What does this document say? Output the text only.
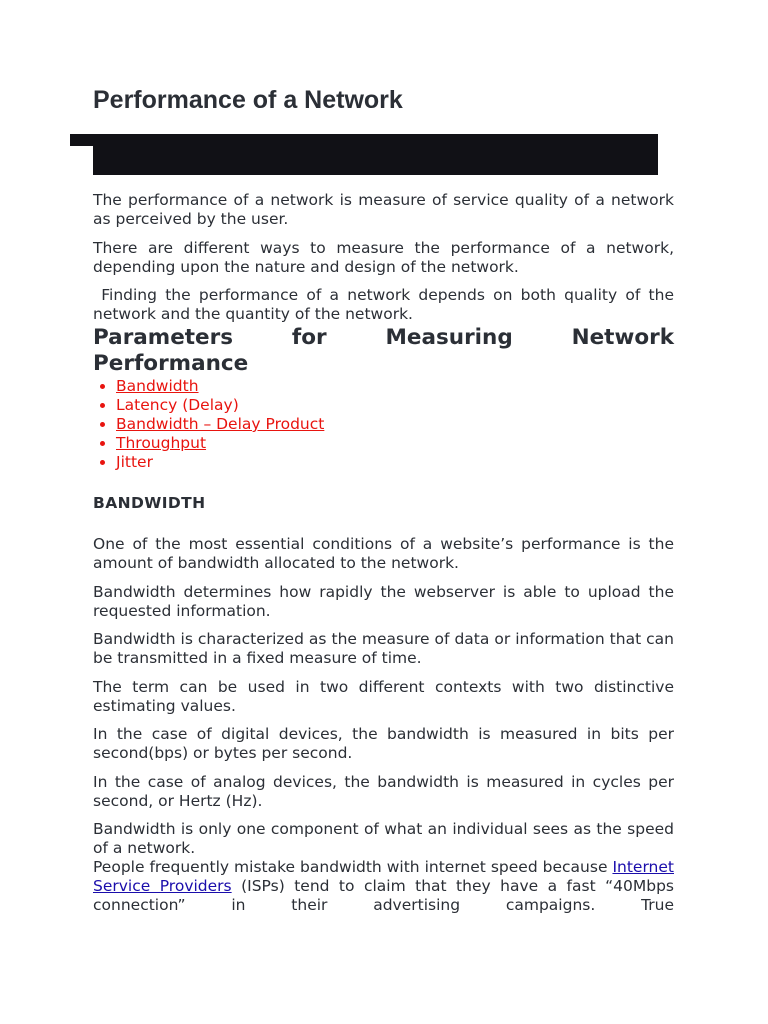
Performance of a Network

The performance of a network is measure of service quality of a network as perceived by the user.

There are different ways to measure the performance of a network, depending upon the nature and design of the network.

Finding the performance of a network depends on both quality of the network and the quantity of the network.

Parameters for Measuring Network Performance
• Bandwidth
• Latency (Delay)
• Bandwidth – Delay Product
• Throughput
• Jitter
BANDWIDTH

One of the most essential conditions of a website’s performance is the amount of bandwidth allocated to the network.

Bandwidth determines how rapidly the webserver is able to upload the requested information.

Bandwidth is characterized as the measure of data or information that can be transmitted in a fixed measure of time.

The term can be used in two different contexts with two distinctive estimating values.

In the case of digital devices, the bandwidth is measured in bits per second(bps) or bytes per second.

In the case of analog devices, the bandwidth is measured in cycles per second, or Hertz (Hz).

Bandwidth is only one component of what an individual sees as the speed of a network.

People frequently mistake bandwidth with internet speed because Internet Service Providers (ISPs) tend to claim that they have a fast “40Mbps connection” in their advertising campaigns. True
